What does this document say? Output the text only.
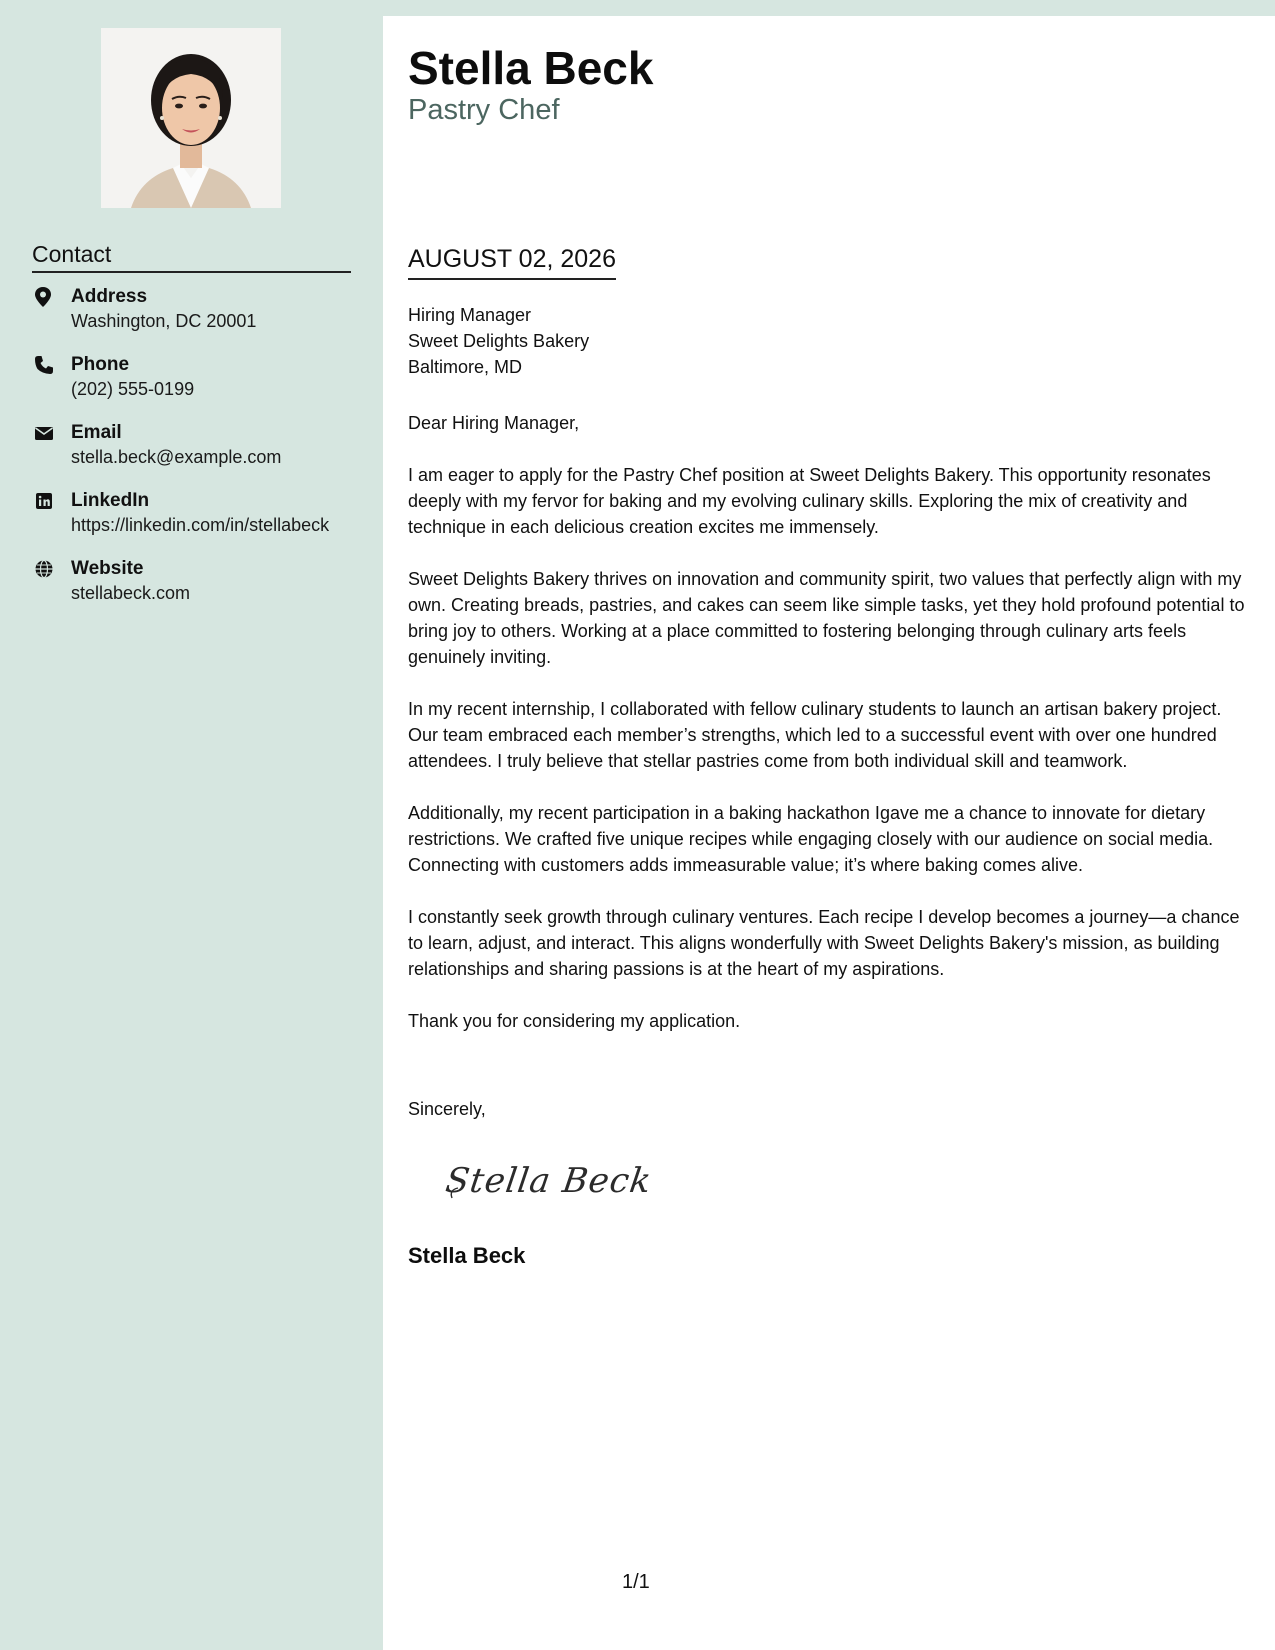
Contact
Address
Washington, DC 20001
Phone
(202) 555-0199
Email
stella.beck@example.com
LinkedIn
https://linkedin.com/in/stellabeck
Website
stellabeck.com
Stella Beck
Pastry Chef
AUGUST 02, 2026
Hiring Manager
Sweet Delights Bakery
Baltimore, MD

Dear Hiring Manager,

I am eager to apply for the Pastry Chef position at Sweet Delights Bakery. This opportunity resonates deeply with my fervor for baking and my evolving culinary skills. Exploring the mix of creativity and technique in each delicious creation excites me immensely.

Sweet Delights Bakery thrives on innovation and community spirit, two values that perfectly align with my own. Creating breads, pastries, and cakes can seem like simple tasks, yet they hold profound potential to bring joy to others. Working at a place committed to fostering belonging through culinary arts feels genuinely inviting.

In my recent internship, I collaborated with fellow culinary students to launch an artisan bakery project. Our team embraced each member’s strengths, which led to a successful event with over one hundred attendees. I truly believe that stellar pastries come from both individual skill and teamwork.

Additionally, my recent participation in a baking hackathon Igave me a chance to innovate for dietary restrictions. We crafted five unique recipes while engaging closely with our audience on social media. Connecting with customers adds immeasurable value; it’s where baking comes alive.

I constantly seek growth through culinary ventures. Each recipe I develop becomes a journey—a chance to learn, adjust, and interact. This aligns wonderfully with Sweet Delights Bakery's mission, as building relationships and sharing passions is at the heart of my aspirations.

Thank you for considering my application.

Sincerely,
Stella Beck
Stella Beck
1/1
